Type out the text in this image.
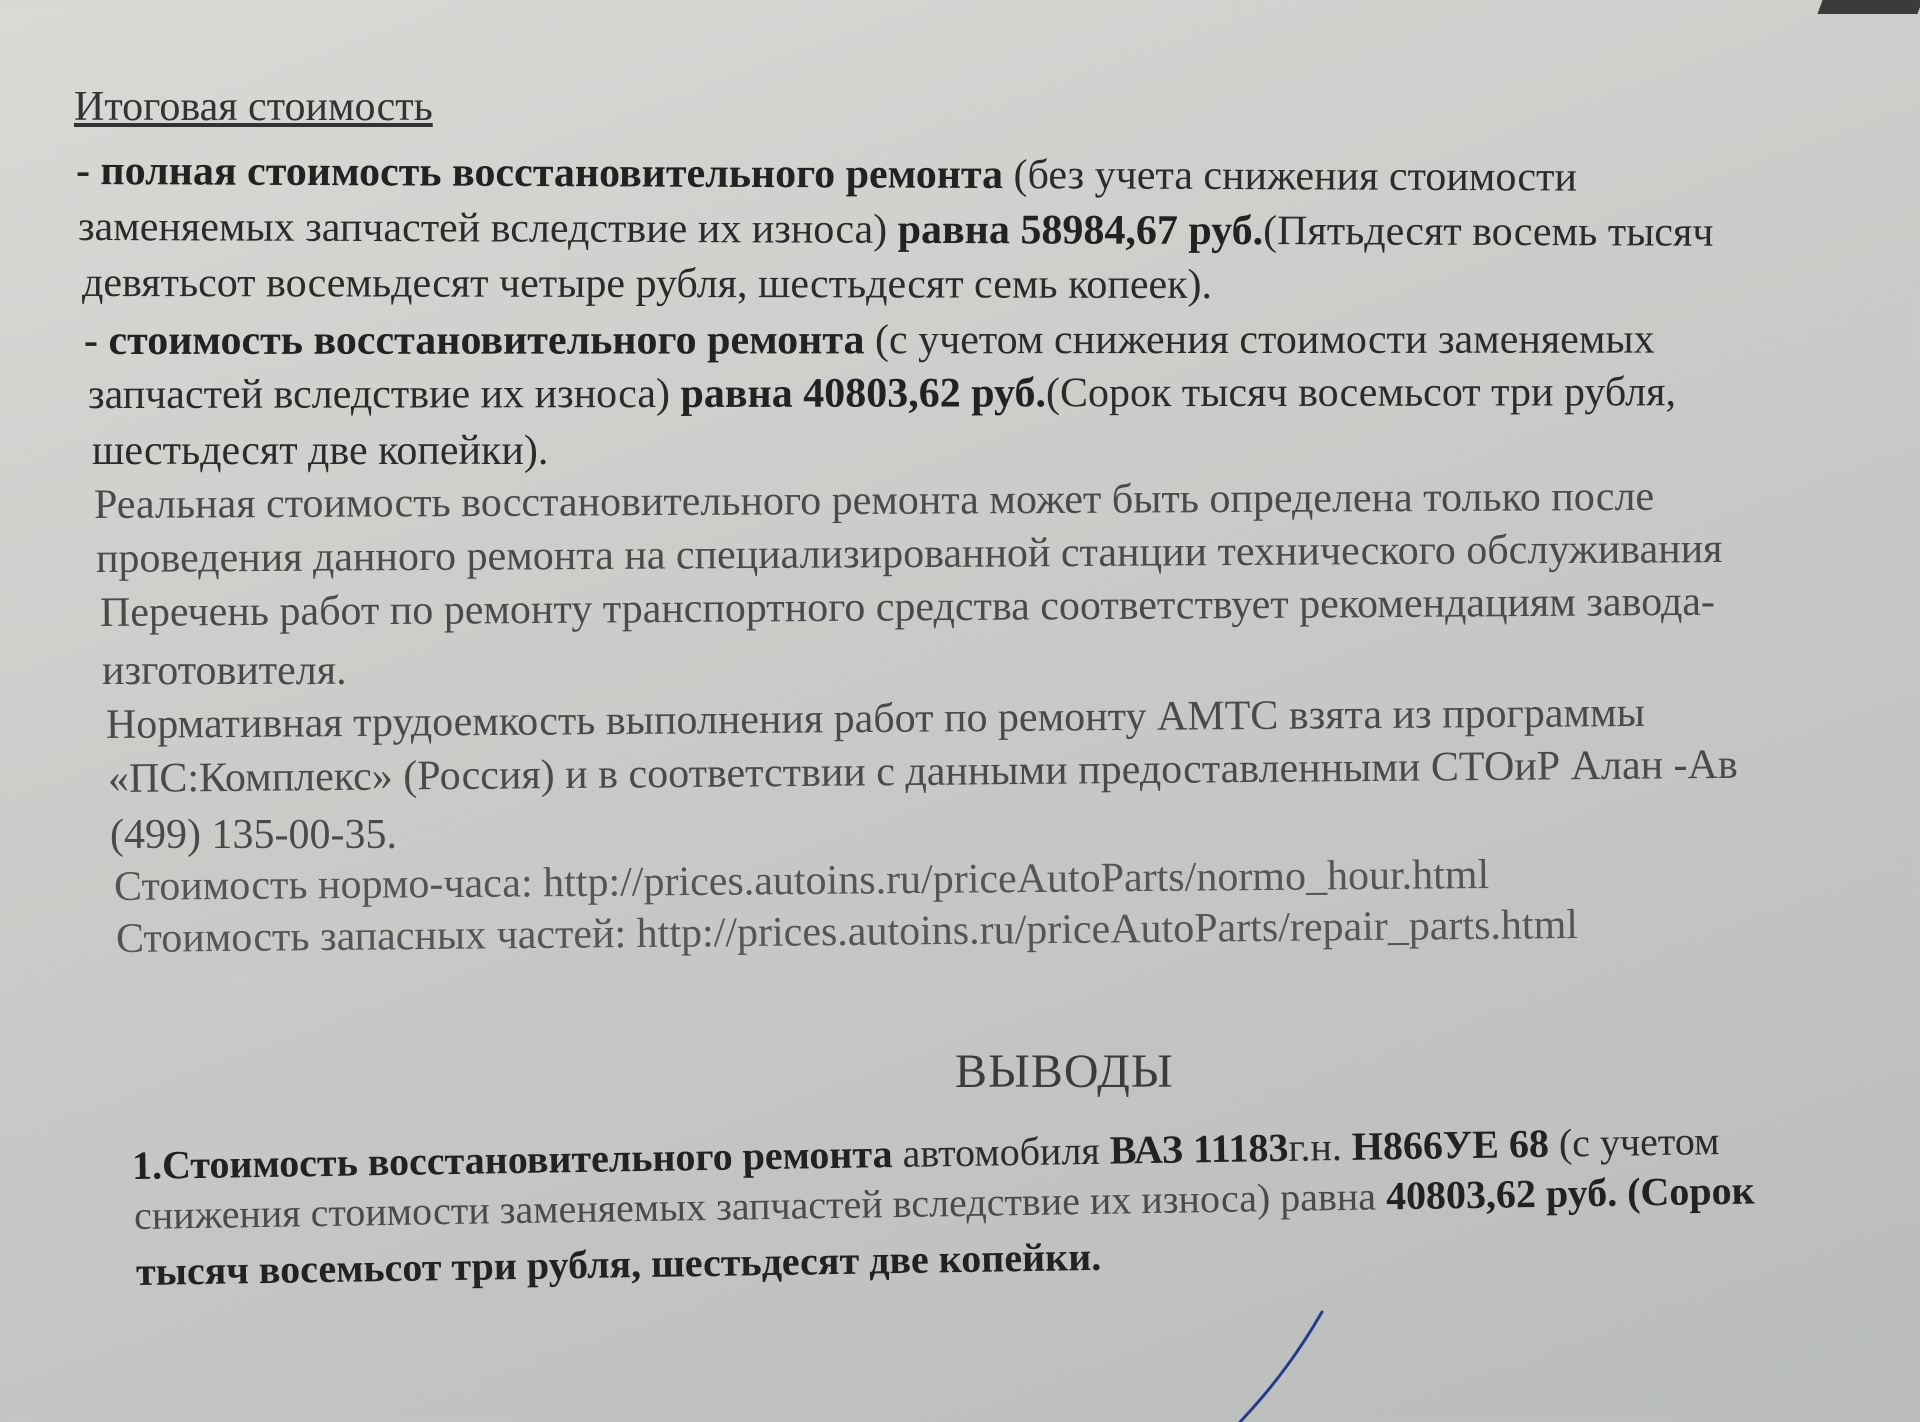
Итоговая стоимость
- полная стоимость восстановительного ремонта (без учета снижения стоимости
заменяемых запчастей вследствие их износа) равна 58984,67 руб.(Пятьдесят восемь тысяч
девятьсот восемьдесят четыре рубля, шестьдесят семь копеек).
- стоимость восстановительного ремонта (с учетом снижения стоимости заменяемых
запчастей вследствие их износа) равна 40803,62 руб.(Сорок тысяч восемьсот три рубля,
шестьдесят две копейки).
Реальная стоимость восстановительного ремонта может быть определена только после
проведения данного ремонта на специализированной станции технического обслуживания
Перечень работ по ремонту транспортного средства соответствует рекомендациям завода-
изготовителя.
Нормативная трудоемкость выполнения работ по ремонту АМТС взята из программы
«ПС:Комплекс» (Россия) и в соответствии с данными предоставленными СТОиР Алан -Ав
(499) 135-00-35.
Стоимость нормо-часа: http://prices.autoins.ru/priceAutoParts/normo_hour.html
Стоимость запасных частей: http://prices.autoins.ru/priceAutoParts/repair_parts.html
ВЫВОДЫ
1.Стоимость восстановительного ремонта автомобиля ВАЗ 11183г.н. Н866УЕ 68 (с учетом
снижения стоимости заменяемых запчастей вследствие их износа) равна 40803,62 руб. (Сорок
тысяч восемьсот три рубля, шестьдесят две копейки.
